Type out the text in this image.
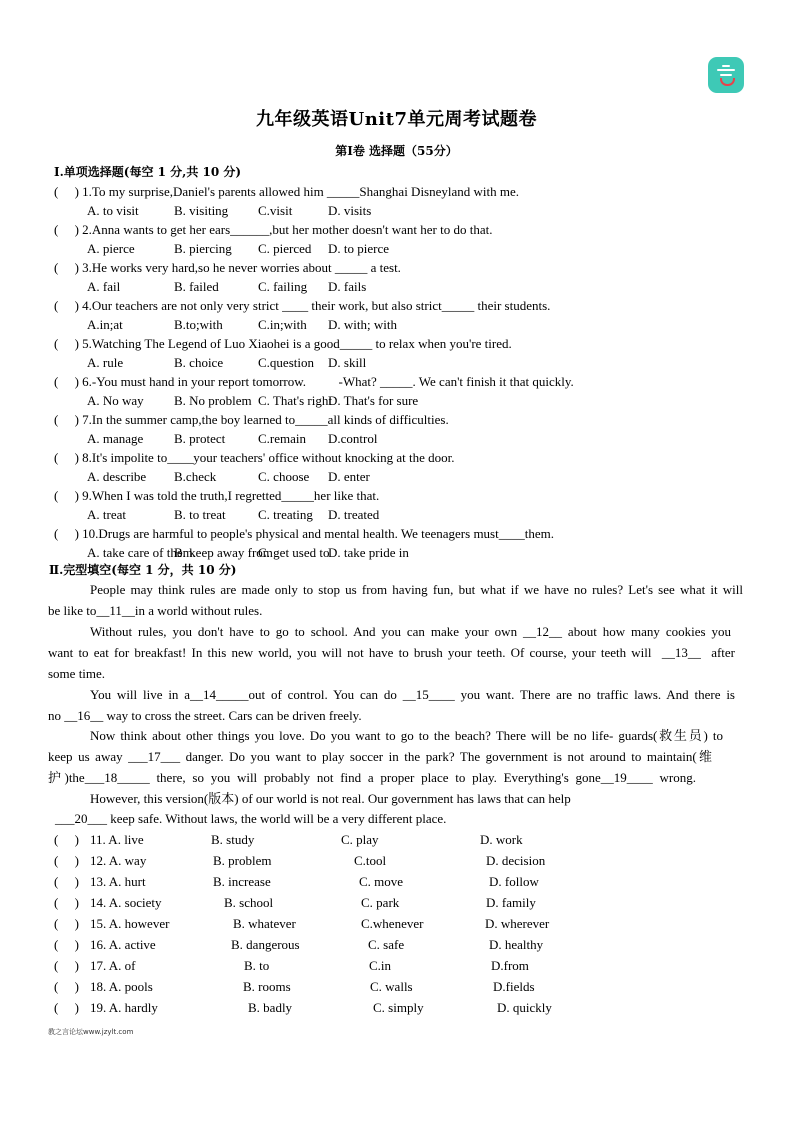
九年级英语Unit7单元周考试题卷
第Ⅰ卷 选择题（55分）
Ⅰ.单项选择题(每空 1 分,共 10 分)
(     ) 1.To my surprise,Daniel's parents allowed him _____Shanghai Disneyland with me.
A. to visit	B. visiting C.visit	D. visits
(     ) 2.Anna wants to get her ears______,but her mother doesn't want her to do that.
A. pierce	B. piercing C. pierced D. to pierce
(     ) 3.He works very hard,so he never worries about _____ a test.
A. fail	B. failed	C. failing D. fails
(     ) 4.Our teachers are not only very strict ____ their work, but also strict_____ their students.
A.in;at	B.to;with	C.in;with D. with; with
(     ) 5.Watching The Legend of Luo Xiaohei is a good_____ to relax when you're tired.
A. rule	B. choice	C.question D. skill
(     ) 6.-You must hand in your report tomorrow.          -What? _____. We can't finish it that quickly.
A. No way B. No problem C. That's right
D. That's for sure
(     ) 7.In the summer camp,the boy learned to_____all kinds of difficulties.
A. manage B. protect	C.remain D.control
(     ) 8.It's impolite to____your teachers' office without knocking at the door.
A. describe B.check	C. choose D. enter
(     ) 9.When I was told the truth,I regretted_____her like that.
A. treat	B. to treat C. treating D. treated
(     ) 10.Drugs are harmful to people's physical and mental health. We teenagers must____them.
A. take care of them.
B. keep away from
C. get used to
D. take pride in
Ⅱ.完型填空(每空 1 分，共 10 分)
People may think rules are made only to stop us from having fun, but what if we have no rules? Let's see what it will
be like to__11__in a world without rules.
Without rules, you don't have to go to school. And you can make your own __12__ about how many cookies you
want to eat for breakfast! In this new world, you will not have to brush your teeth. Of course, your teeth will  __13__  after
some time.
You will live in a__14_____out of control. You can do __15____ you want. There are no traffic laws. And there is
no __16__ way to cross the street. Cars can be driven freely.
Now think about other things you love. Do you want to go to the beach? There will be no life- guards(救生员) to
keep us away ___17___ danger. Do you want to play soccer in the park? The government is not around to maintain(维
护)the___18_____ there, so you will probably not find a proper place to play. Everything's gone__19____ wrong.
However, this version(版本) of our world is not real. Our government has laws that can help
___20___ keep safe. Without laws, the world will be a very different place.
(     ) 11. A. live	B. study	C. play	D. work
(     ) 12. A. way	B. problem	C.tool	D. decision
(     ) 13. A. hurt	B. increase	C. move	D. follow
(     ) 14. A. society	B. school	C. park	D. family
(     ) 15. A. however	B. whatever	C.whenever	D. wherever
(     ) 16. A. active	B. dangerous	C. safe	D. healthy
(     ) 17. A. of	B. to	C.in	D.from
(     ) 18. A. pools	B. rooms	C. walls	D.fields
(     ) 19. A. hardly	B. badly	C. simply	D. quickly
教之言论坛www.jzylt.com
